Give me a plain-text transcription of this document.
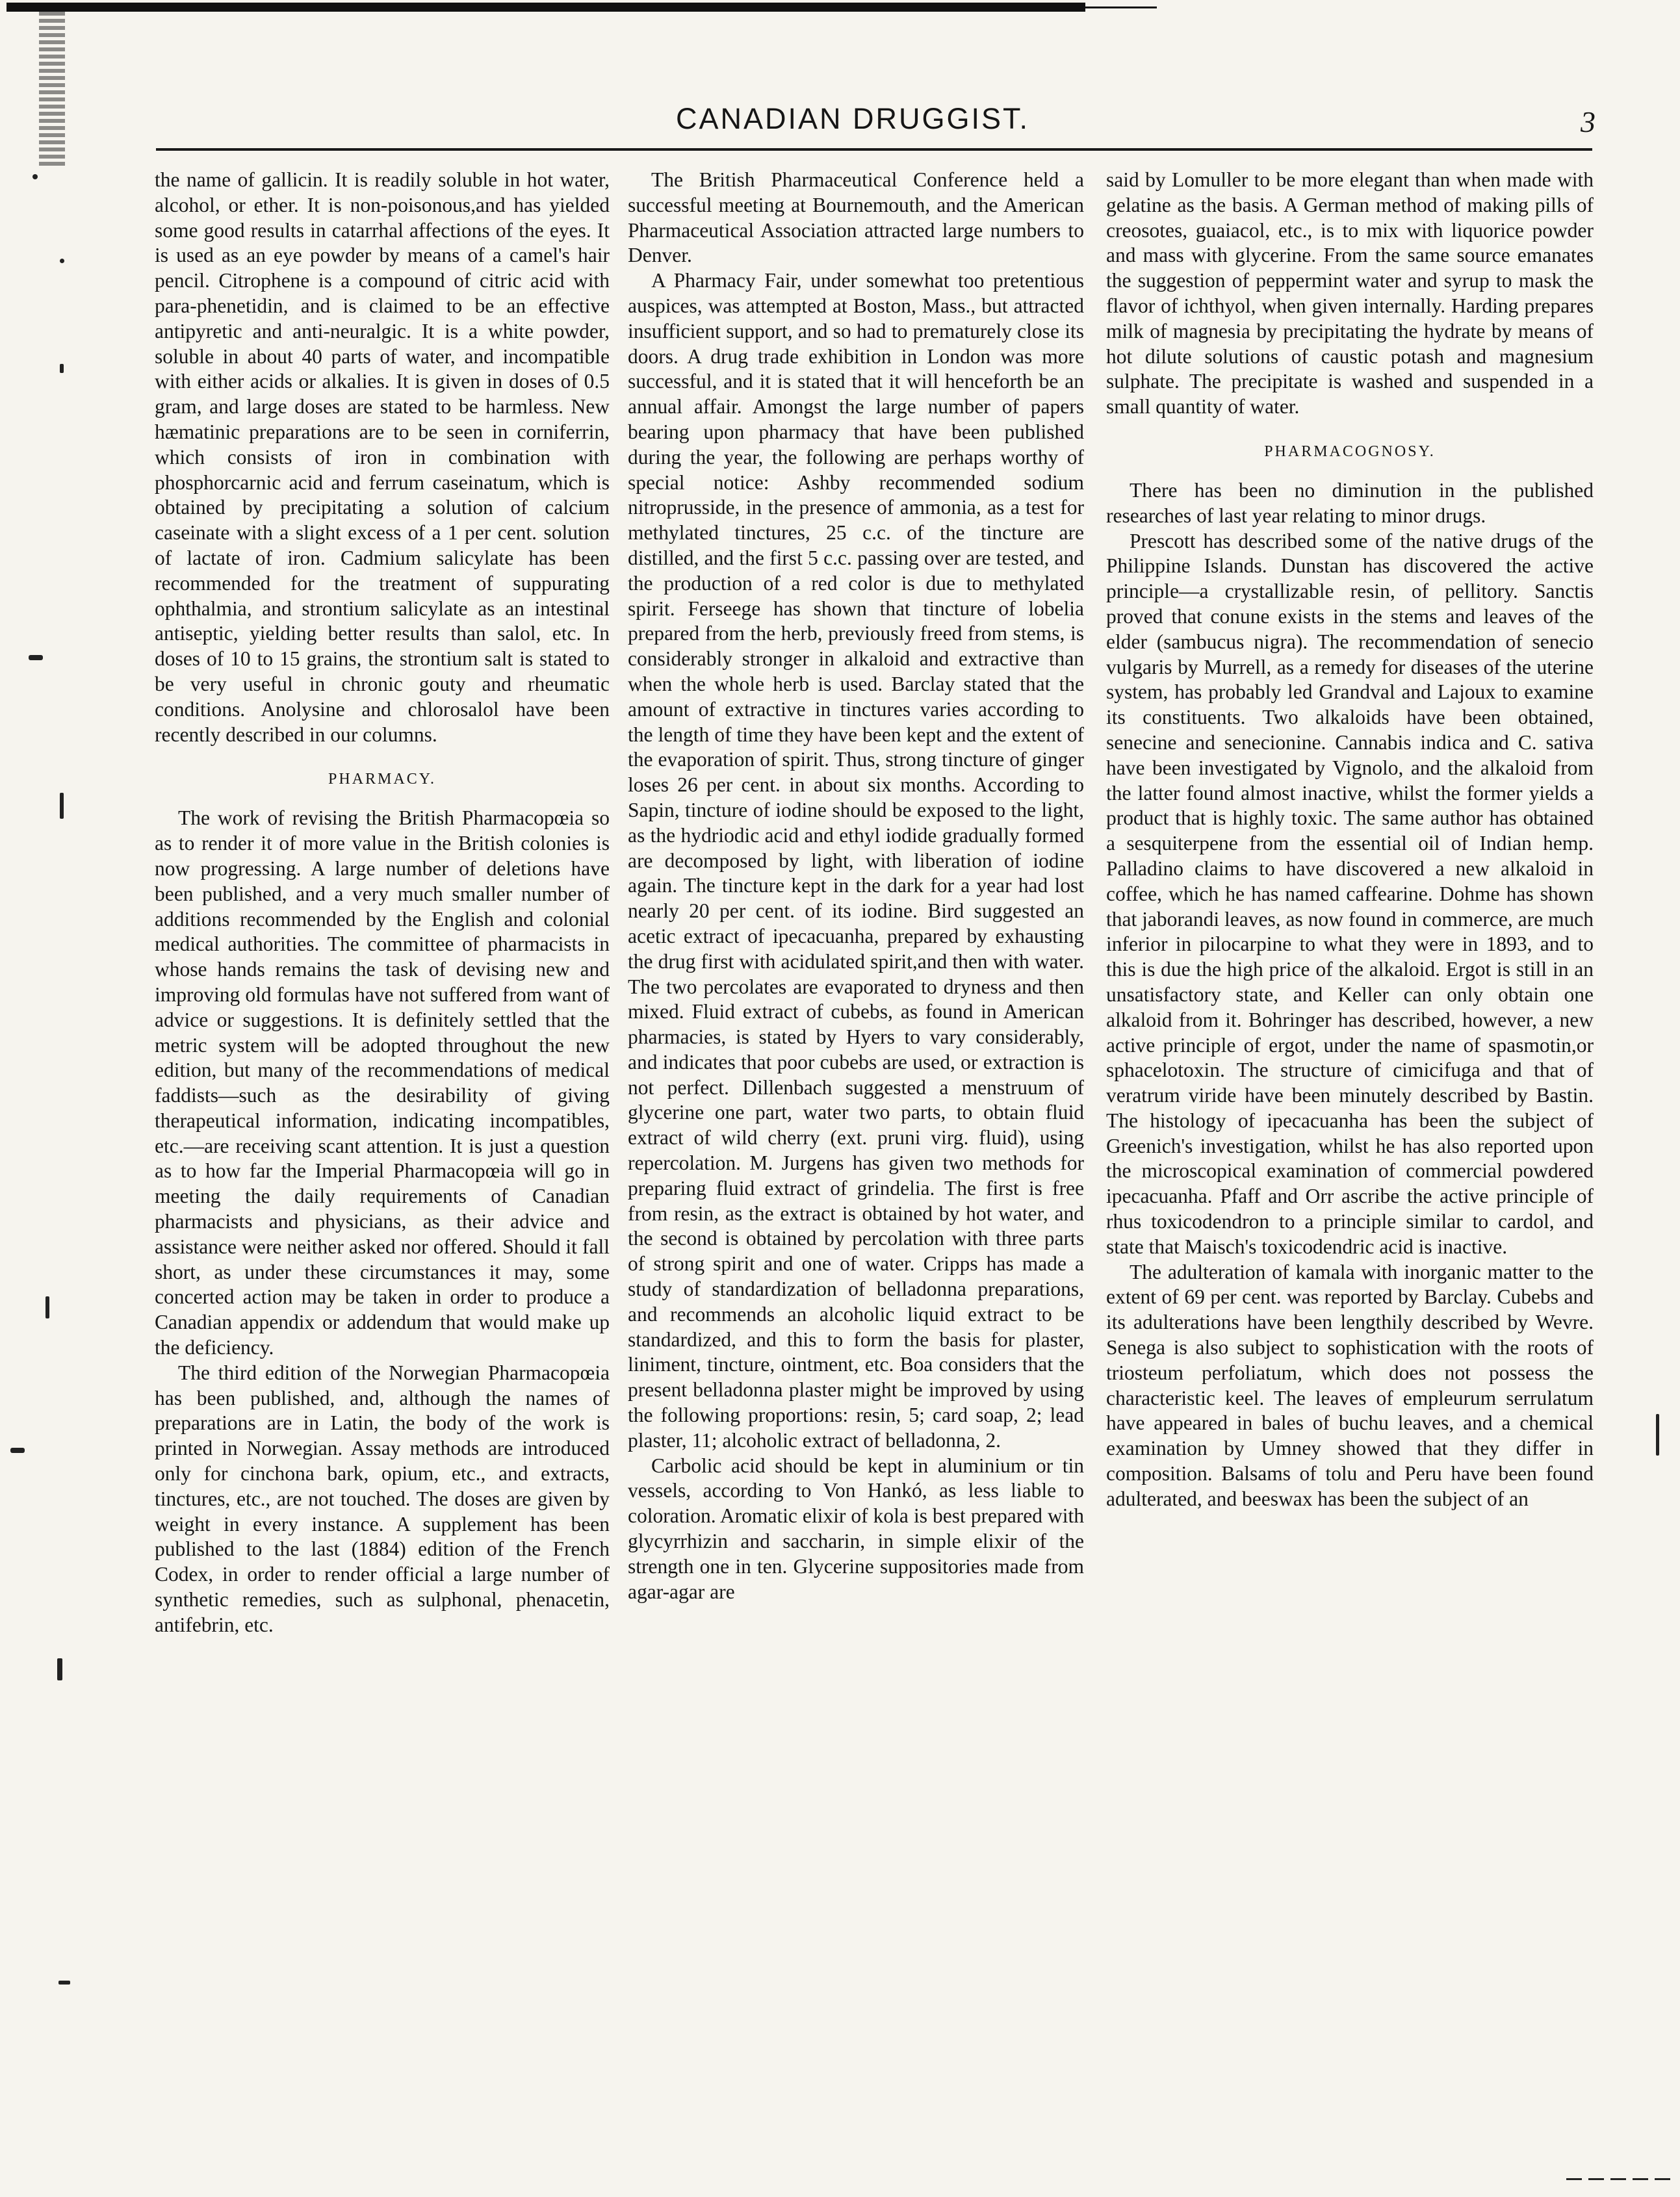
CANADIAN DRUGGIST.	3

the name of gallicin. It is readily soluble in hot water, alcohol, or ether. It is non-poisonous,and has yielded some good results in catarrhal affections of the eyes. It is used as an eye powder by means of a camel's hair pencil. Citrophene is a compound of citric acid with para-phenetidin, and is claimed to be an effective antipyretic and anti-neuralgic. It is a white powder, soluble in about 40 parts of water, and incompatible with either acids or alkalies. It is given in doses of 0.5 gram, and large doses are stated to be harmless. New hæmatinic preparations are to be seen in corniferrin, which consists of iron in combination with phosphorcarnic acid and ferrum caseinatum, which is obtained by precipitating a solution of calcium caseinate with a slight excess of a 1 per cent. solution of lactate of iron. Cadmium salicylate has been recommended for the treatment of suppurating ophthalmia, and strontium salicylate as an intestinal antiseptic, yielding better results than salol, etc. In doses of 10 to 15 grains, the strontium salt is stated to be very useful in chronic gouty and rheumatic conditions. Anolysine and chlorosalol have been recently described in our columns.

PHARMACY.

The work of revising the British Pharmacopœia so as to render it of more value in the British colonies is now progressing. A large number of deletions have been published, and a very much smaller number of additions recommended by the English and colonial medical authorities. The committee of pharmacists in whose hands remains the task of devising new and improving old formulas have not suffered from want of advice or suggestions. It is definitely settled that the metric system will be adopted throughout the new edition, but many of the recommendations of medical faddists—such as the desirability of giving therapeutical information, indicating incompatibles, etc.—are receiving scant attention. It is just a question as to how far the Imperial Pharmacopœia will go in meeting the daily requirements of Canadian pharmacists and physicians, as their advice and assistance were neither asked nor offered. Should it fall short, as under these circumstances it may, some concerted action may be taken in order to produce a Canadian appendix or addendum that would make up the deficiency.

The third edition of the Norwegian Pharmacopœia has been published, and, although the names of preparations are in Latin, the body of the work is printed in Norwegian. Assay methods are introduced only for cinchona bark, opium, etc., and extracts, tinctures, etc., are not touched. The doses are given by weight in every instance. A supplement has been published to the last (1884) edition of the French Codex, in order to render official a large number of synthetic remedies, such as sulphonal, phenacetin, antifebrin, etc.

The British Pharmaceutical Conference held a successful meeting at Bournemouth, and the American Pharmaceutical Association attracted large numbers to Denver.

A Pharmacy Fair, under somewhat too pretentious auspices, was attempted at Boston, Mass., but attracted insufficient support, and so had to prematurely close its doors. A drug trade exhibition in London was more successful, and it is stated that it will henceforth be an annual affair. Amongst the large number of papers bearing upon pharmacy that have been published during the year, the following are perhaps worthy of special notice: Ashby recommended sodium nitroprusside, in the presence of ammonia, as a test for methylated tinctures, 25 c.c. of the tincture are distilled, and the first 5 c.c. passing over are tested, and the production of a red color is due to methylated spirit. Ferseege has shown that tincture of lobelia prepared from the herb, previously freed from stems, is considerably stronger in alkaloid and extractive than when the whole herb is used. Barclay stated that the amount of extractive in tinctures varies according to the length of time they have been kept and the extent of the evaporation of spirit. Thus, strong tincture of ginger loses 26 per cent. in about six months. According to Sapin, tincture of iodine should be exposed to the light, as the hydriodic acid and ethyl iodide gradually formed are decomposed by light, with liberation of iodine again. The tincture kept in the dark for a year had lost nearly 20 per cent. of its iodine. Bird suggested an acetic extract of ipecacuanha, prepared by exhausting the drug first with acidulated spirit,and then with water. The two percolates are evaporated to dryness and then mixed. Fluid extract of cubebs, as found in American pharmacies, is stated by Hyers to vary considerably, and indicates that poor cubebs are used, or extraction is not perfect. Dillenbach suggested a menstruum of glycerine one part, water two parts, to obtain fluid extract of wild cherry (ext. pruni virg. fluid), using repercolation. M. Jurgens has given two methods for preparing fluid extract of grindelia. The first is free from resin, as the extract is obtained by hot water, and the second is obtained by percolation with three parts of strong spirit and one of water. Cripps has made a study of standardization of belladonna preparations, and recommends an alcoholic liquid extract to be standardized, and this to form the basis for plaster, liniment, tincture, ointment, etc. Boa considers that the present belladonna plaster might be improved by using the following proportions: resin, 5; card soap, 2; lead plaster, 11; alcoholic extract of belladonna, 2.

Carbolic acid should be kept in aluminium or tin vessels, according to Von Hankó, as less liable to coloration. Aromatic elixir of kola is best prepared with glycyrrhizin and saccharin, in simple elixir of the strength one in ten. Glycerine suppositories made from agar-agar are

said by Lomuller to be more elegant than when made with gelatine as the basis. A German method of making pills of creosotes, guaiacol, etc., is to mix with liquorice powder and mass with glycerine. From the same source emanates the suggestion of peppermint water and syrup to mask the flavor of ichthyol, when given internally. Harding prepares milk of magnesia by precipitating the hydrate by means of hot dilute solutions of caustic potash and magnesium sulphate. The precipitate is washed and suspended in a small quantity of water.

PHARMACOGNOSY.

There has been no diminution in the published researches of last year relating to minor drugs.

Prescott has described some of the native drugs of the Philippine Islands. Dunstan has discovered the active principle—a crystallizable resin, of pellitory. Sanctis proved that conune exists in the stems and leaves of the elder (sambucus nigra). The recommendation of senecio vulgaris by Murrell, as a remedy for diseases of the uterine system, has probably led Grandval and Lajoux to examine its constituents. Two alkaloids have been obtained, senecine and senecionine. Cannabis indica and C. sativa have been investigated by Vignolo, and the alkaloid from the latter found almost inactive, whilst the former yields a product that is highly toxic. The same author has obtained a sesquiterpene from the essential oil of Indian hemp. Palladino claims to have discovered a new alkaloid in coffee, which he has named caffearine. Dohme has shown that jaborandi leaves, as now found in commerce, are much inferior in pilocarpine to what they were in 1893, and to this is due the high price of the alkaloid. Ergot is still in an unsatisfactory state, and Keller can only obtain one alkaloid from it. Bohringer has described, however, a new active principle of ergot, under the name of spasmotin,or sphacelotoxin. The structure of cimicifuga and that of veratrum viride have been minutely described by Bastin. The histology of ipecacuanha has been the subject of Greenich's investigation, whilst he has also reported upon the microscopical examination of commercial powdered ipecacuanha. Pfaff and Orr ascribe the active principle of rhus toxicodendron to a principle similar to cardol, and state that Maisch's toxicodendric acid is inactive.

The adulteration of kamala with inorganic matter to the extent of 69 per cent. was reported by Barclay. Cubebs and its adulterations have been lengthily described by Wevre. Senega is also subject to sophistication with the roots of triosteum perfoliatum, which does not possess the characteristic keel. The leaves of empleurum serrulatum have appeared in bales of buchu leaves, and a chemical examination by Umney showed that they differ in composition. Balsams of tolu and Peru have been found adulterated, and beeswax has been the subject of an
